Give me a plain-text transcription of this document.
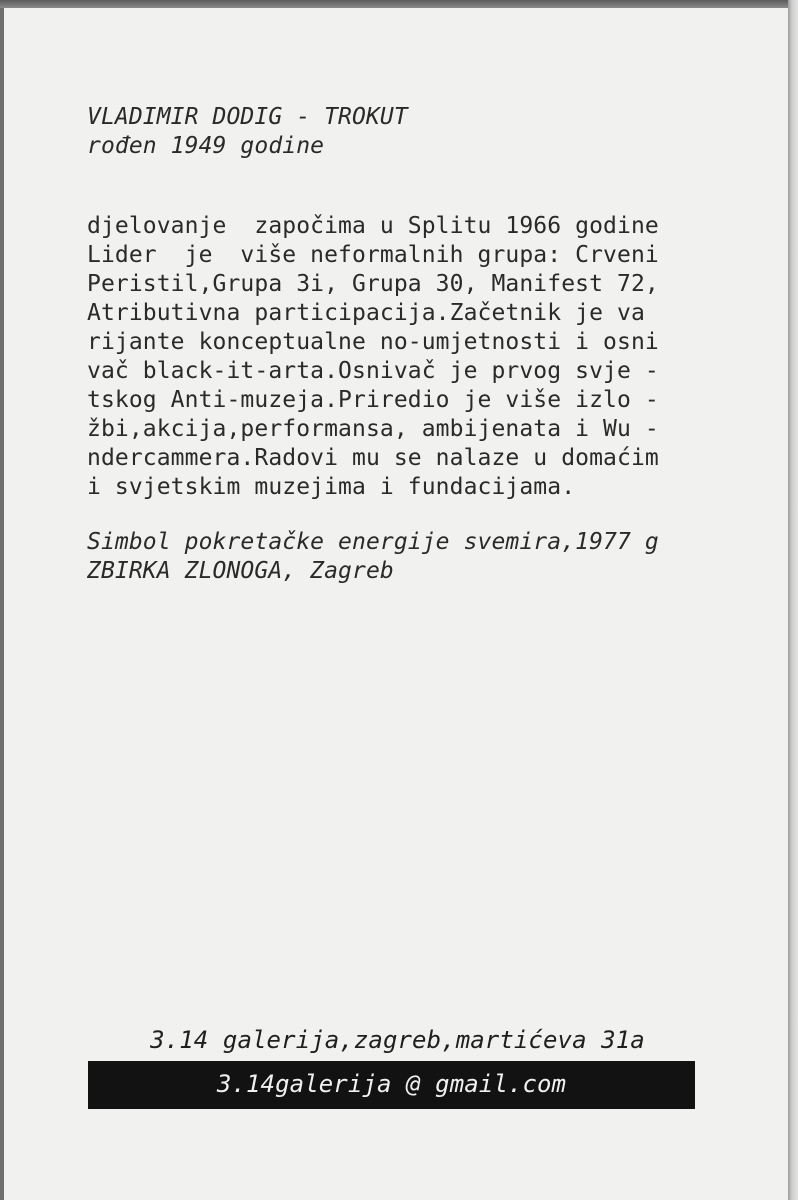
VLADIMIR DODIG - TROKUT
rođen 1949 godine
djelovanje  započima u Splitu 1966 godine
Lider  je  više neformalnih grupa: Crveni
Peristil,Grupa 3i, Grupa 30, Manifest 72,
Atributivna participacija.Začetnik je va
rijante konceptualne no-umjetnosti i osni
vač black-it-arta.Osnivač je prvog svje -
tskog Anti-muzeja.Priredio je više izlo -
žbi,akcija,performansa, ambijenata i Wu -
ndercammera.Radovi mu se nalaze u domaćim
i svjetskim muzejima i fundacijama.
Simbol pokretačke energije svemira,1977 g
ZBIRKA ZLONOGA, Zagreb
3.14 galerija,zagreb,martićeva 31a
3.14galerija @ gmail.com
